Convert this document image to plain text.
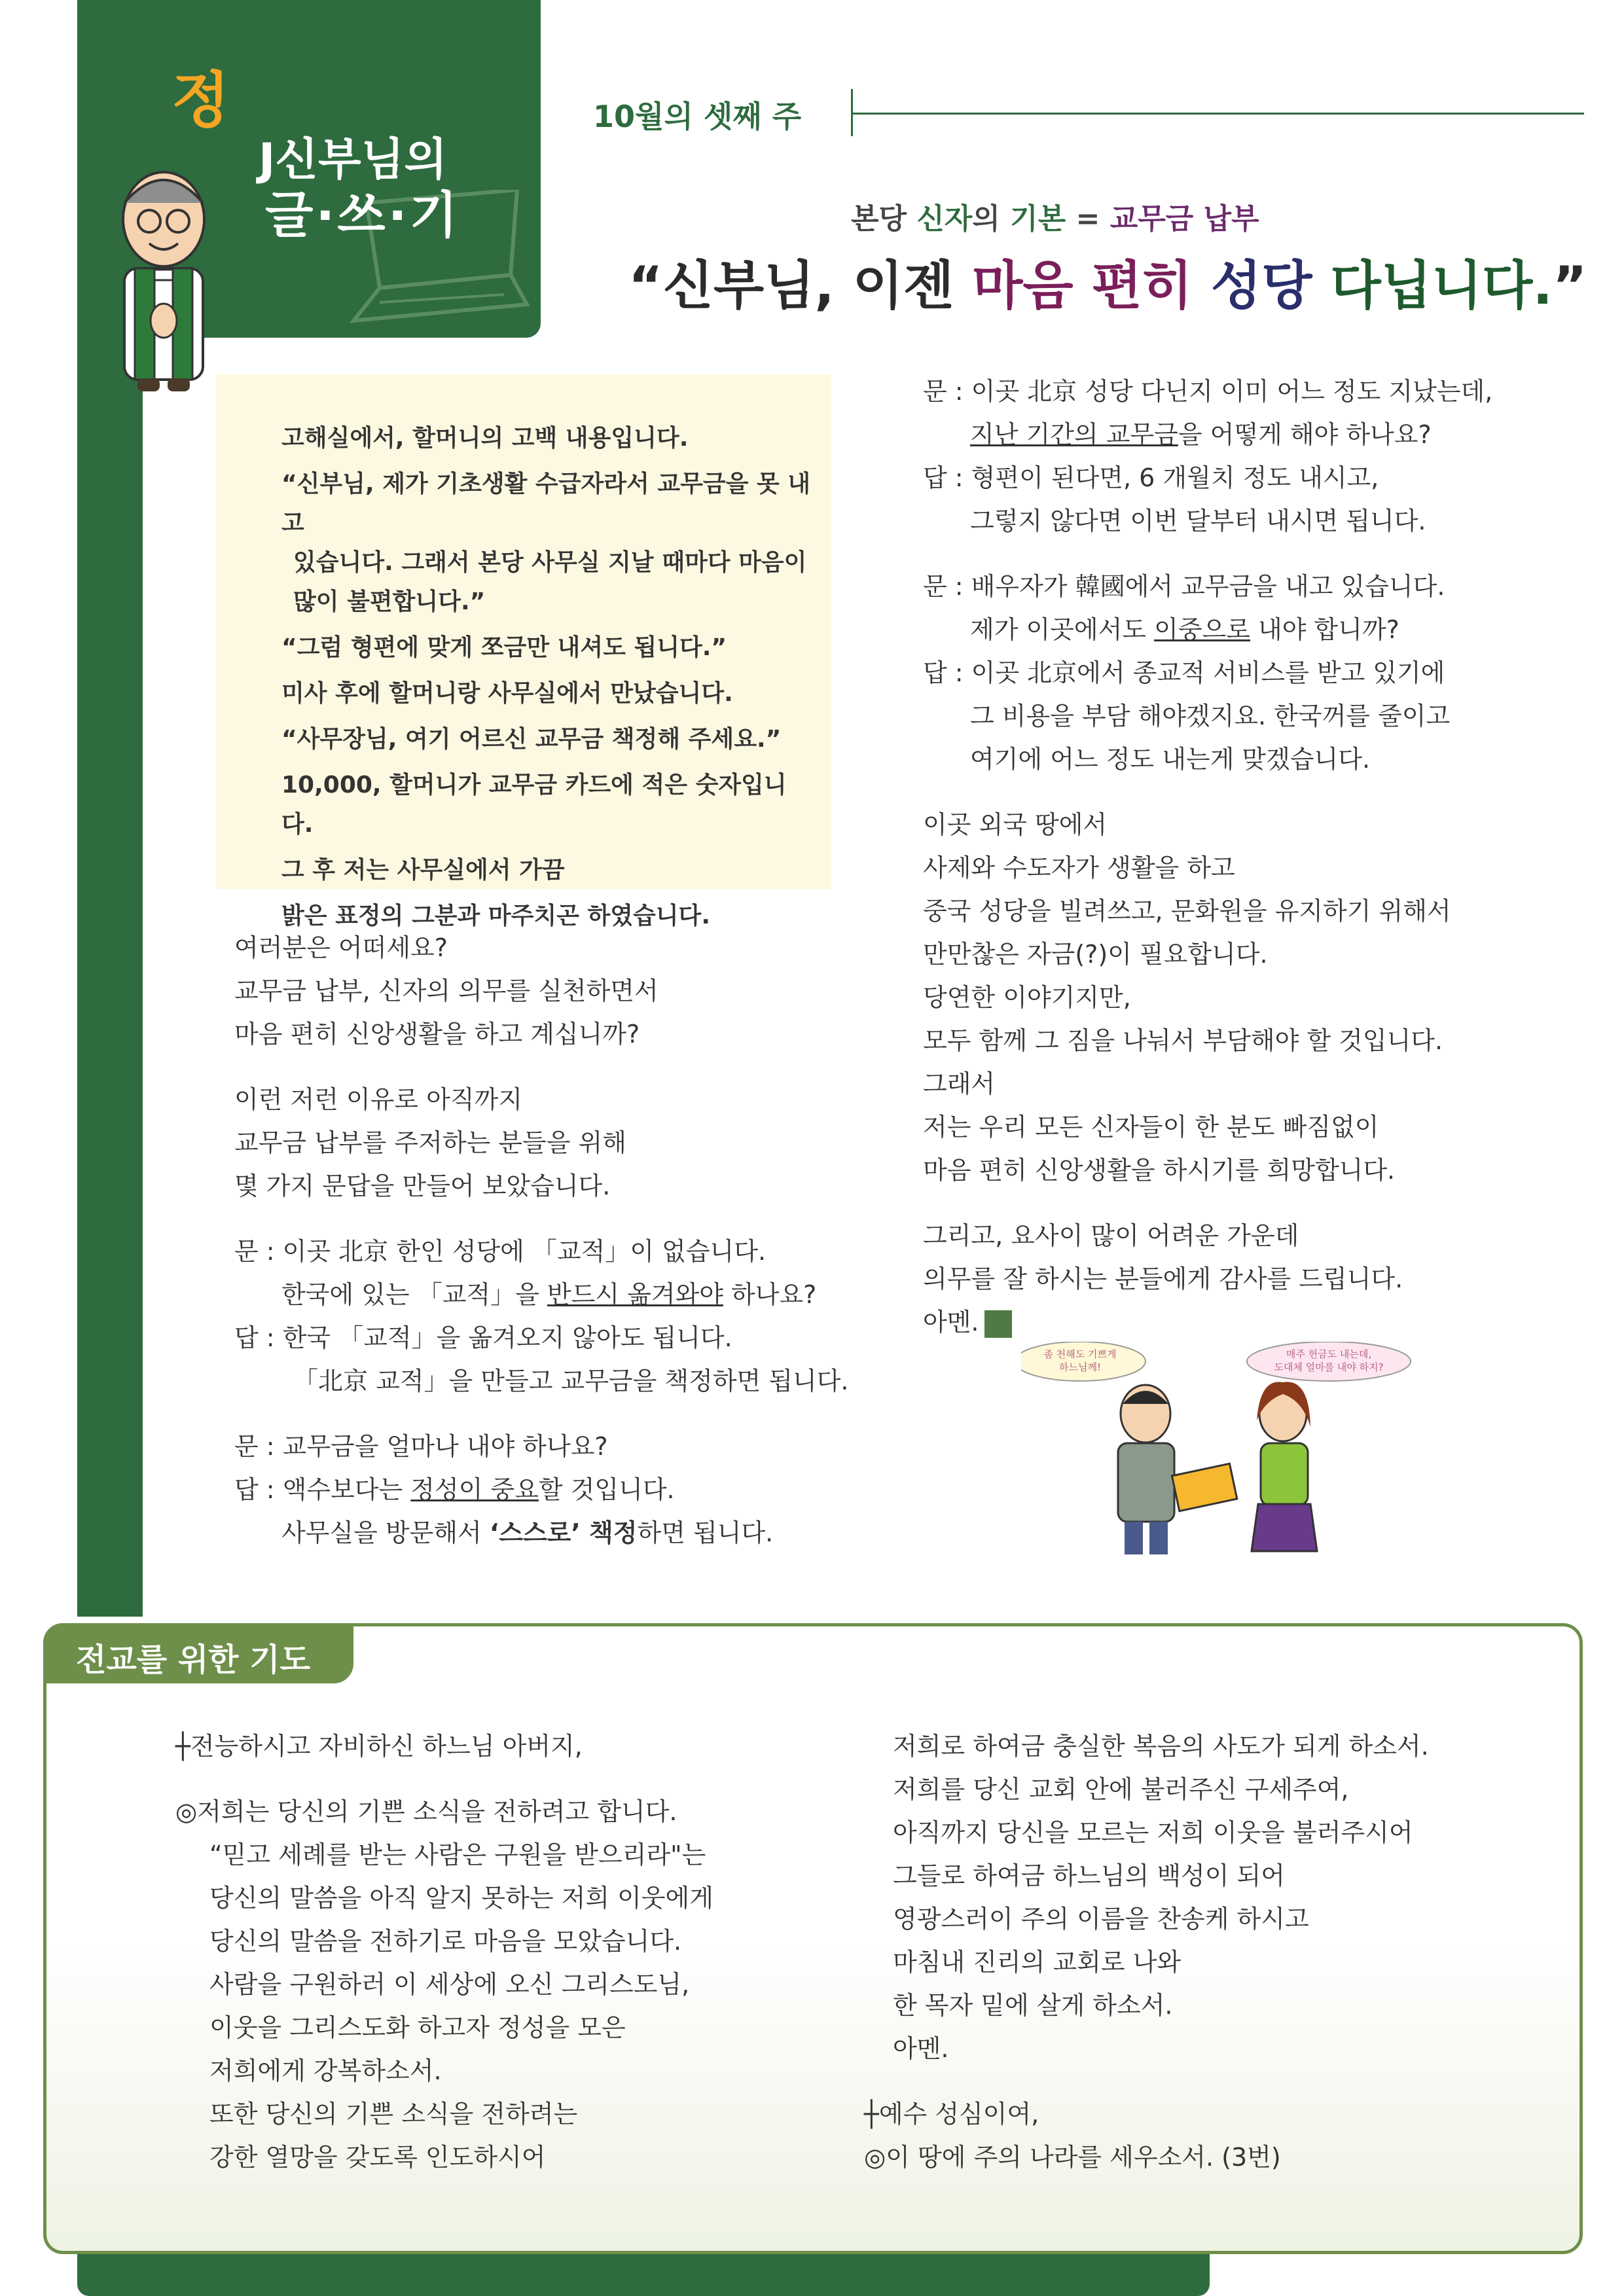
정
J신부님의
글·쓰·기
10월의 셋째 주
본당 신자의 기본 = 교무금 납부
“신부님, 이젠 마음 편히 성당 다닙니다.”

고해실에서, 할머니의 고백 내용입니다.

“신부님, 제가 기초생활 수급자라서 교무금을 못 내고

있습니다. 그래서 본당 사무실 지날 때마다 마음이

많이 불편합니다.”

“그럼 형편에 맞게 쪼금만 내셔도 됩니다.”

미사 후에 할머니랑 사무실에서 만났습니다.

“사무장님, 여기 어르신 교무금 책정해 주세요.”

10,000, 할머니가 교무금 카드에 적은 숫자입니다.

그 후 저는 사무실에서 가끔

밝은 표정의 그분과 마주치곤 하였습니다.

여러분은 어떠세요?

교무금 납부, 신자의 의무를 실천하면서

마음 편히 신앙생활을 하고 계십니까?

이런 저런 이유로 아직까지

교무금 납부를 주저하는 분들을 위해

몇 가지 문답을 만들어 보았습니다.

문 : 이곳 北京 한인 성당에 「교적」이 없습니다.

한국에 있는 「교적」을 반드시 옮겨와야 하나요?

답 : 한국 「교적」을 옮겨오지 않아도 됩니다.

「北京 교적」을 만들고 교무금을 책정하면 됩니다.

문 : 교무금을 얼마나 내야 하나요?

답 : 액수보다는 정성이 중요할 것입니다.

사무실을 방문해서 ‘스스로’ 책정하면 됩니다.

문 : 이곳 北京 성당 다닌지 이미 어느 정도 지났는데,

지난 기간의 교무금을 어떻게 해야 하나요?

답 : 형편이 된다면, 6 개월치 정도 내시고,

그렇지 않다면 이번 달부터 내시면 됩니다.

문 : 배우자가 韓國에서 교무금을 내고 있습니다.

제가 이곳에서도 이중으로 내야 합니까?

답 : 이곳 北京에서 종교적 서비스를 받고 있기에

그 비용을 부담 해야겠지요. 한국꺼를 줄이고

여기에 어느 정도 내는게 맞겠습니다.

이곳 외국 땅에서

사제와 수도자가 생활을 하고

중국 성당을 빌려쓰고, 문화원을 유지하기 위해서

만만찮은 자금(?)이 필요합니다.

당연한 이야기지만,

모두 함께 그 짐을 나눠서 부담해야 할 것입니다.

그래서

저는 우리 모든 신자들이 한 분도 빠짐없이

마음 편히 신앙생활을 하시기를 희망합니다.

그리고, 요사이 많이 어려운 가운데

의무를 잘 하시는 분들에게 감사를 드립니다.

아멘.

좀 천해도 기쁘게
하느님께!
매주 헌금도 내는데,
도대체 얼마를 내야 하지?
전교를 위한 기도

┼전능하시고 자비하신 하느님 아버지,

◎저희는 당신의 기쁜 소식을 전하려고 합니다.

“믿고 세례를 받는 사람은 구원을 받으리라"는

당신의 말씀을 아직 알지 못하는 저희 이웃에게

당신의 말씀을 전하기로 마음을 모았습니다.

사람을 구원하러 이 세상에 오신 그리스도님,

이웃을 그리스도화 하고자 정성을 모은

저희에게 강복하소서.

또한 당신의 기쁜 소식을 전하려는

강한 열망을 갖도록 인도하시어

저희로 하여금 충실한 복음의 사도가 되게 하소서.

저희를 당신 교회 안에 불러주신 구세주여,

아직까지 당신을 모르는 저희 이웃을 불러주시어

그들로 하여금 하느님의 백성이 되어

영광스러이 주의 이름을 찬송케 하시고

마침내 진리의 교회로 나와

한 목자 밑에 살게 하소서.

아멘.

┼예수 성심이여,

◎이 땅에 주의 나라를 세우소서. (3번)
